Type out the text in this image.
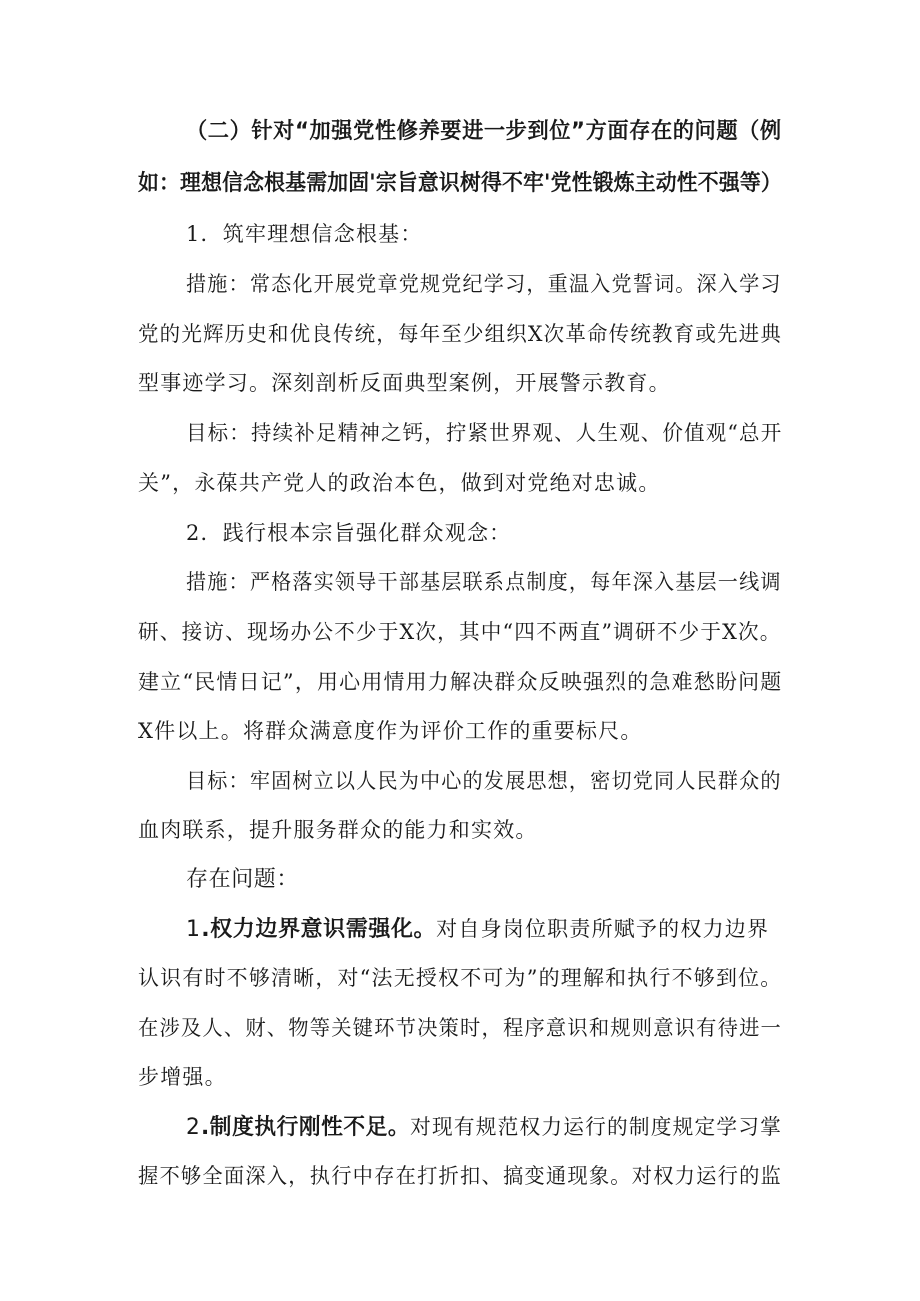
（二）针对“加强党性修养要进一步到位”方面存在的问题（例
如：理想信念根基需加固'宗旨意识树得不牢'党性锻炼主动性不强等）
1．筑牢理想信念根基：
措施：常态化开展党章党规党纪学习，重温入党誓词。深入学习
党的光辉历史和优良传统，每年至少组织X次革命传统教育或先进典
型事迹学习。深刻剖析反面典型案例，开展警示教育。
目标：持续补足精神之钙，拧紧世界观、人生观、价值观“总开
关”，永葆共产党人的政治本色，做到对党绝对忠诚。
2．践行根本宗旨强化群众观念：
措施：严格落实领导干部基层联系点制度，每年深入基层一线调
研、接访、现场办公不少于X次，其中“四不两直”调研不少于X次。
建立“民情日记”，用心用情用力解决群众反映强烈的急难愁盼问题
X件以上。将群众满意度作为评价工作的重要标尺。
目标：牢固树立以人民为中心的发展思想，密切党同人民群众的
血肉联系，提升服务群众的能力和实效。
存在问题：
1.权力边界意识需强化。对自身岗位职责所赋予的权力边界
认识有时不够清晰，对“法无授权不可为”的理解和执行不够到位。
在涉及人、财、物等关键环节决策时，程序意识和规则意识有待进一
步增强。
2.制度执行刚性不足。对现有规范权力运行的制度规定学习掌
握不够全面深入，执行中存在打折扣、搞变通现象。对权力运行的监
